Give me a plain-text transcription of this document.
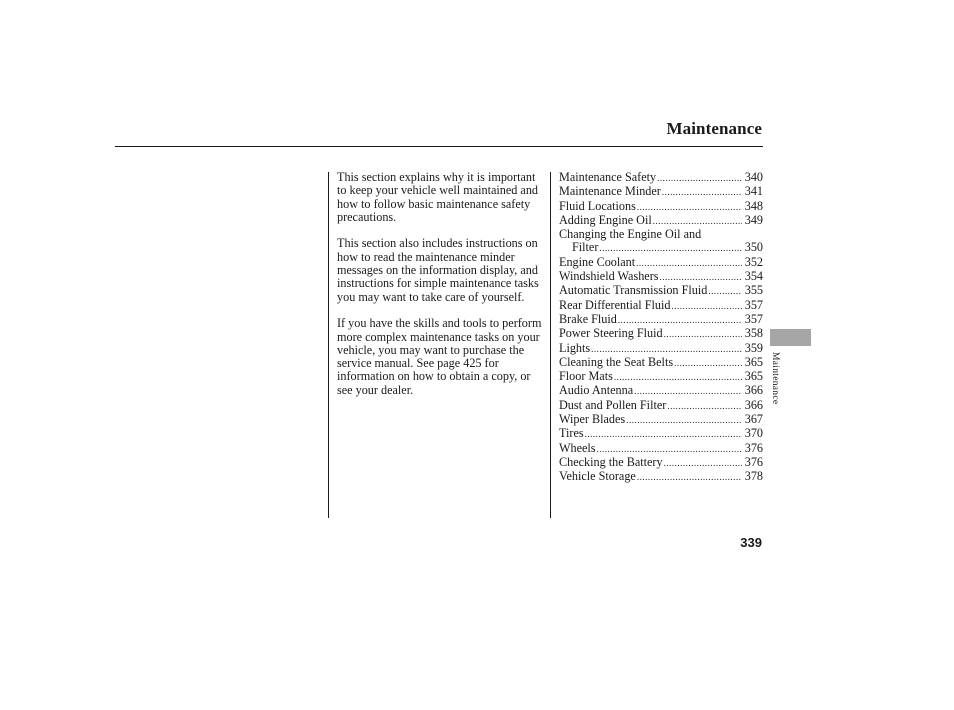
Maintenance

This section explains why it is important to keep your vehicle well maintained and how to follow basic maintenance safety precautions.

This section also includes instructions on how to read the maintenance minder messages on the information display, and instructions for simple maintenance tasks you may want to take care of yourself.

If you have the skills and tools to perform more complex maintenance tasks on your vehicle, you may want to purchase the service manual. See page 425 for information on how to obtain a copy, or see your dealer.

Maintenance Safety .....	340
Maintenance Minder .....	341
Fluid Locations .....	348
Adding Engine Oil .....	349
Changing the Engine Oil and
Filter .....	350
Engine Coolant .....	352
Windshield Washers .....	354
Automatic Transmission Fluid .....	355
Rear Differential Fluid .....	357
Brake Fluid .....	357
Power Steering Fluid .....	358
Lights .....	359
Cleaning the Seat Belts .....	365
Floor Mats .....	365
Audio Antenna .....	366
Dust and Pollen Filter .....	366
Wiper Blades .....	367
Tires .....	370
Wheels .....	376
Checking the Battery .....	376
Vehicle Storage .....	378
Maintenance
339
